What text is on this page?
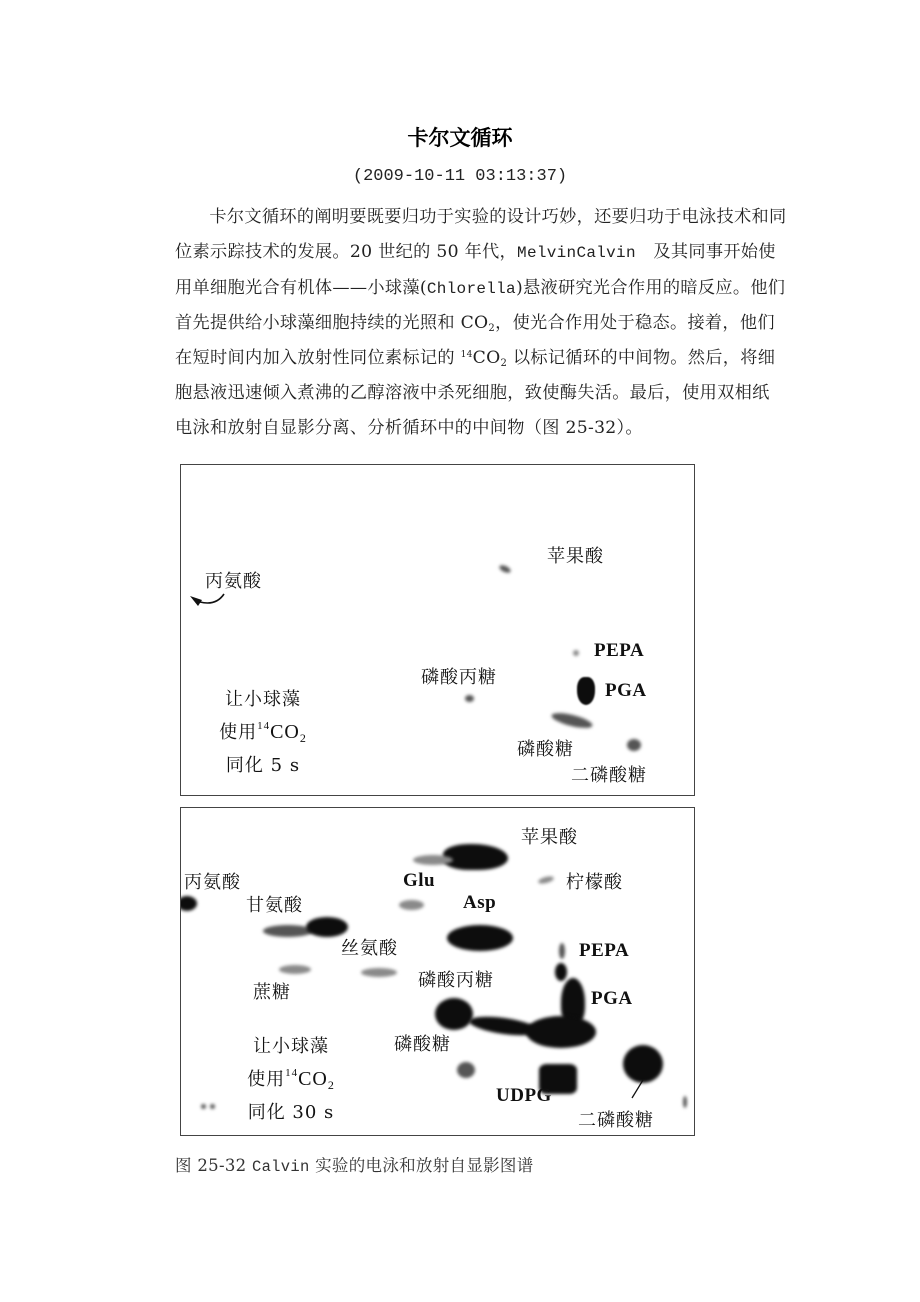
卡尔文循环
(2009-10-11 03:13:37)
卡尔文循环的阐明要既要归功于实验的设计巧妙，还要归功于电泳技术和同位素示踪技术的发展。20 世纪的 50 年代，MelvinCalvin　及其同事开始使用单细胞光合有机体——小球藻(Chlorella)悬液研究光合作用的暗反应。他们首先提供给小球藻细胞持续的光照和 $CO_2$，使光合作用处于稳态。接着，他们在短时间内加入放射性同位素标记的 $^{14}CO_2$ 以标记循环的中间物。然后，将细胞悬液迅速倾入煮沸的乙醇溶液中杀死细胞，致使酶失活。最后，使用双相纸电泳和放射自显影分离、分析循环中的中间物（图 25-32）。
苹果酸
丙氨酸
PEPA
磷酸丙糖
PGA
磷酸糖
二磷酸糖
让小球藻
使用$^{14}CO_2$
同化 5 s
苹果酸
丙氨酸	Glu	柠檬酸
甘氨酸	Asp
丝氨酸	PEPA
磷酸丙糖
蔗糖	PGA
磷酸糖
UDPG
二磷酸糖
让小球藻
使用$^{14}CO_2$
同化 30 s
图 25-32 Calvin 实验的电泳和放射自显影图谱
